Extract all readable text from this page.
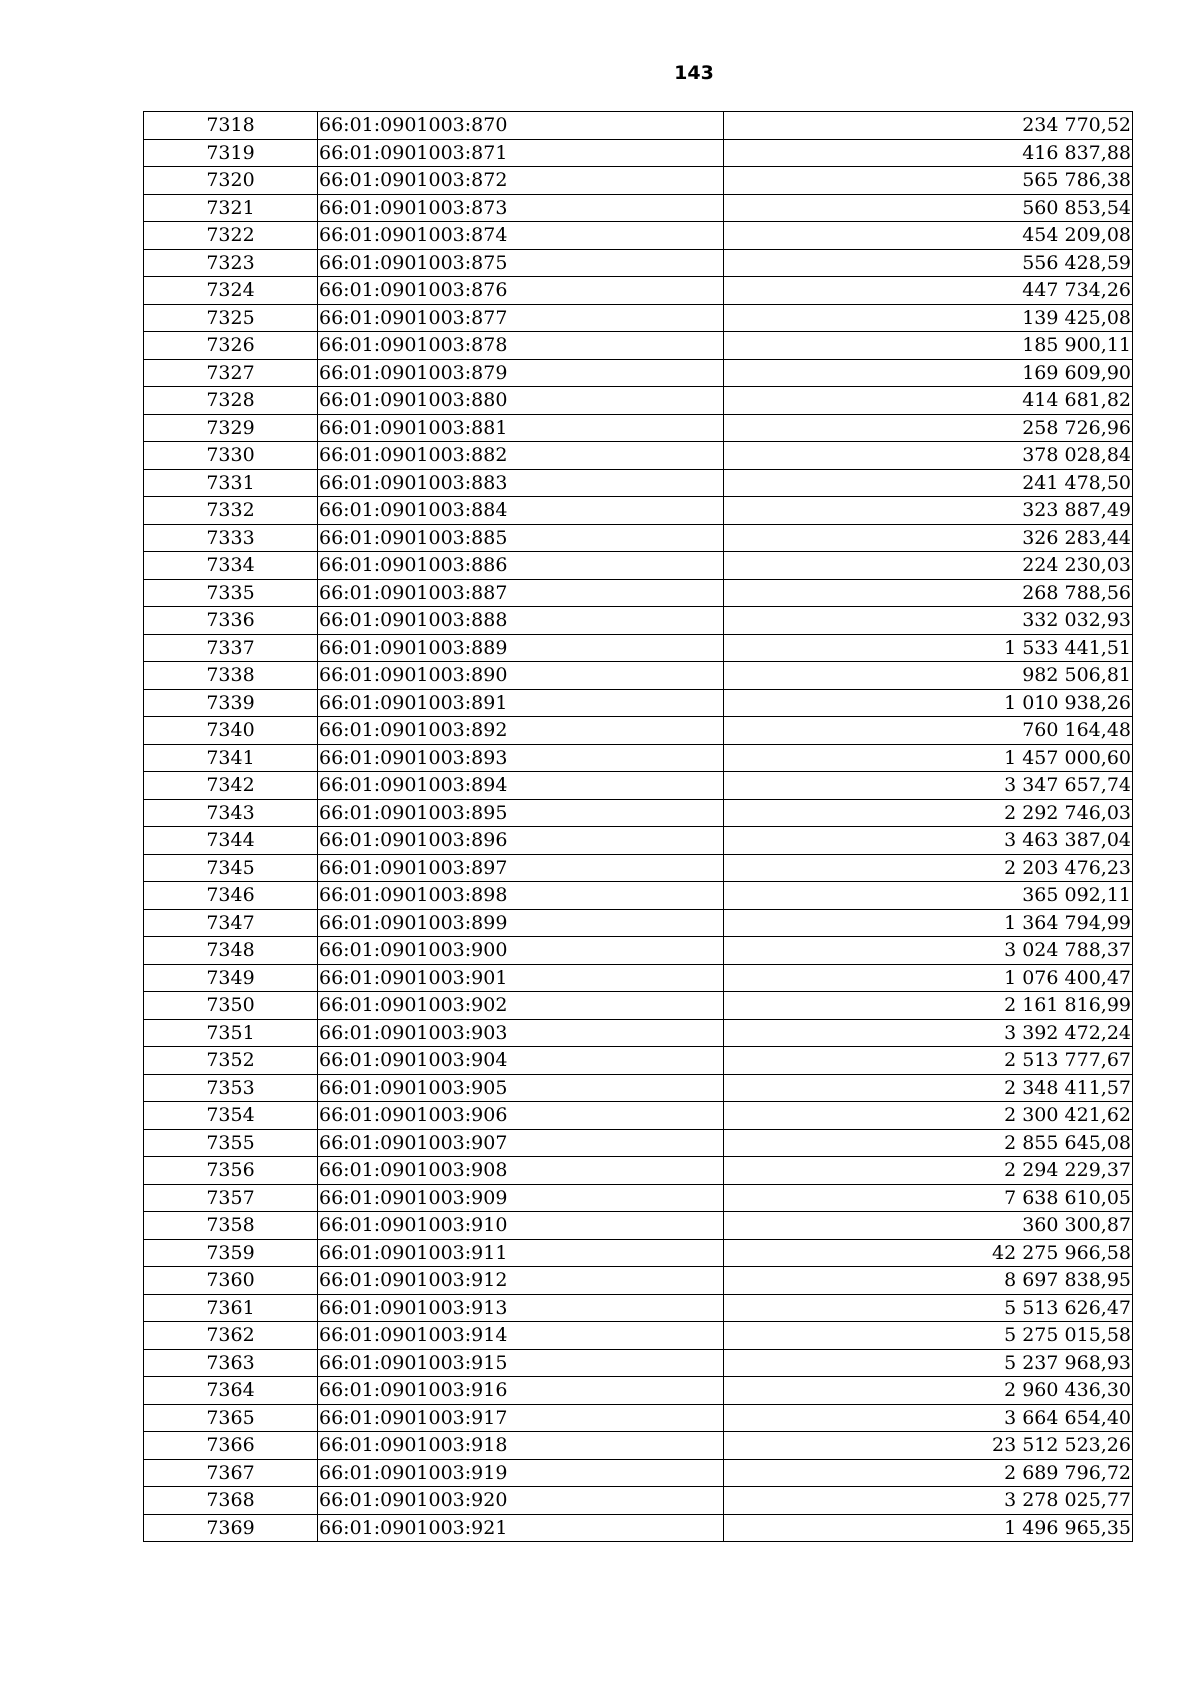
143
7318	66:01:0901003:870	234 770,52
7319	66:01:0901003:871	416 837,88
7320	66:01:0901003:872	565 786,38
7321	66:01:0901003:873	560 853,54
7322	66:01:0901003:874	454 209,08
7323	66:01:0901003:875	556 428,59
7324	66:01:0901003:876	447 734,26
7325	66:01:0901003:877	139 425,08
7326	66:01:0901003:878	185 900,11
7327	66:01:0901003:879	169 609,90
7328	66:01:0901003:880	414 681,82
7329	66:01:0901003:881	258 726,96
7330	66:01:0901003:882	378 028,84
7331	66:01:0901003:883	241 478,50
7332	66:01:0901003:884	323 887,49
7333	66:01:0901003:885	326 283,44
7334	66:01:0901003:886	224 230,03
7335	66:01:0901003:887	268 788,56
7336	66:01:0901003:888	332 032,93
7337	66:01:0901003:889	1 533 441,51
7338	66:01:0901003:890	982 506,81
7339	66:01:0901003:891	1 010 938,26
7340	66:01:0901003:892	760 164,48
7341	66:01:0901003:893	1 457 000,60
7342	66:01:0901003:894	3 347 657,74
7343	66:01:0901003:895	2 292 746,03
7344	66:01:0901003:896	3 463 387,04
7345	66:01:0901003:897	2 203 476,23
7346	66:01:0901003:898	365 092,11
7347	66:01:0901003:899	1 364 794,99
7348	66:01:0901003:900	3 024 788,37
7349	66:01:0901003:901	1 076 400,47
7350	66:01:0901003:902	2 161 816,99
7351	66:01:0901003:903	3 392 472,24
7352	66:01:0901003:904	2 513 777,67
7353	66:01:0901003:905	2 348 411,57
7354	66:01:0901003:906	2 300 421,62
7355	66:01:0901003:907	2 855 645,08
7356	66:01:0901003:908	2 294 229,37
7357	66:01:0901003:909	7 638 610,05
7358	66:01:0901003:910	360 300,87
7359	66:01:0901003:911	42 275 966,58
7360	66:01:0901003:912	8 697 838,95
7361	66:01:0901003:913	5 513 626,47
7362	66:01:0901003:914	5 275 015,58
7363	66:01:0901003:915	5 237 968,93
7364	66:01:0901003:916	2 960 436,30
7365	66:01:0901003:917	3 664 654,40
7366	66:01:0901003:918	23 512 523,26
7367	66:01:0901003:919	2 689 796,72
7368	66:01:0901003:920	3 278 025,77
7369	66:01:0901003:921	1 496 965,35
